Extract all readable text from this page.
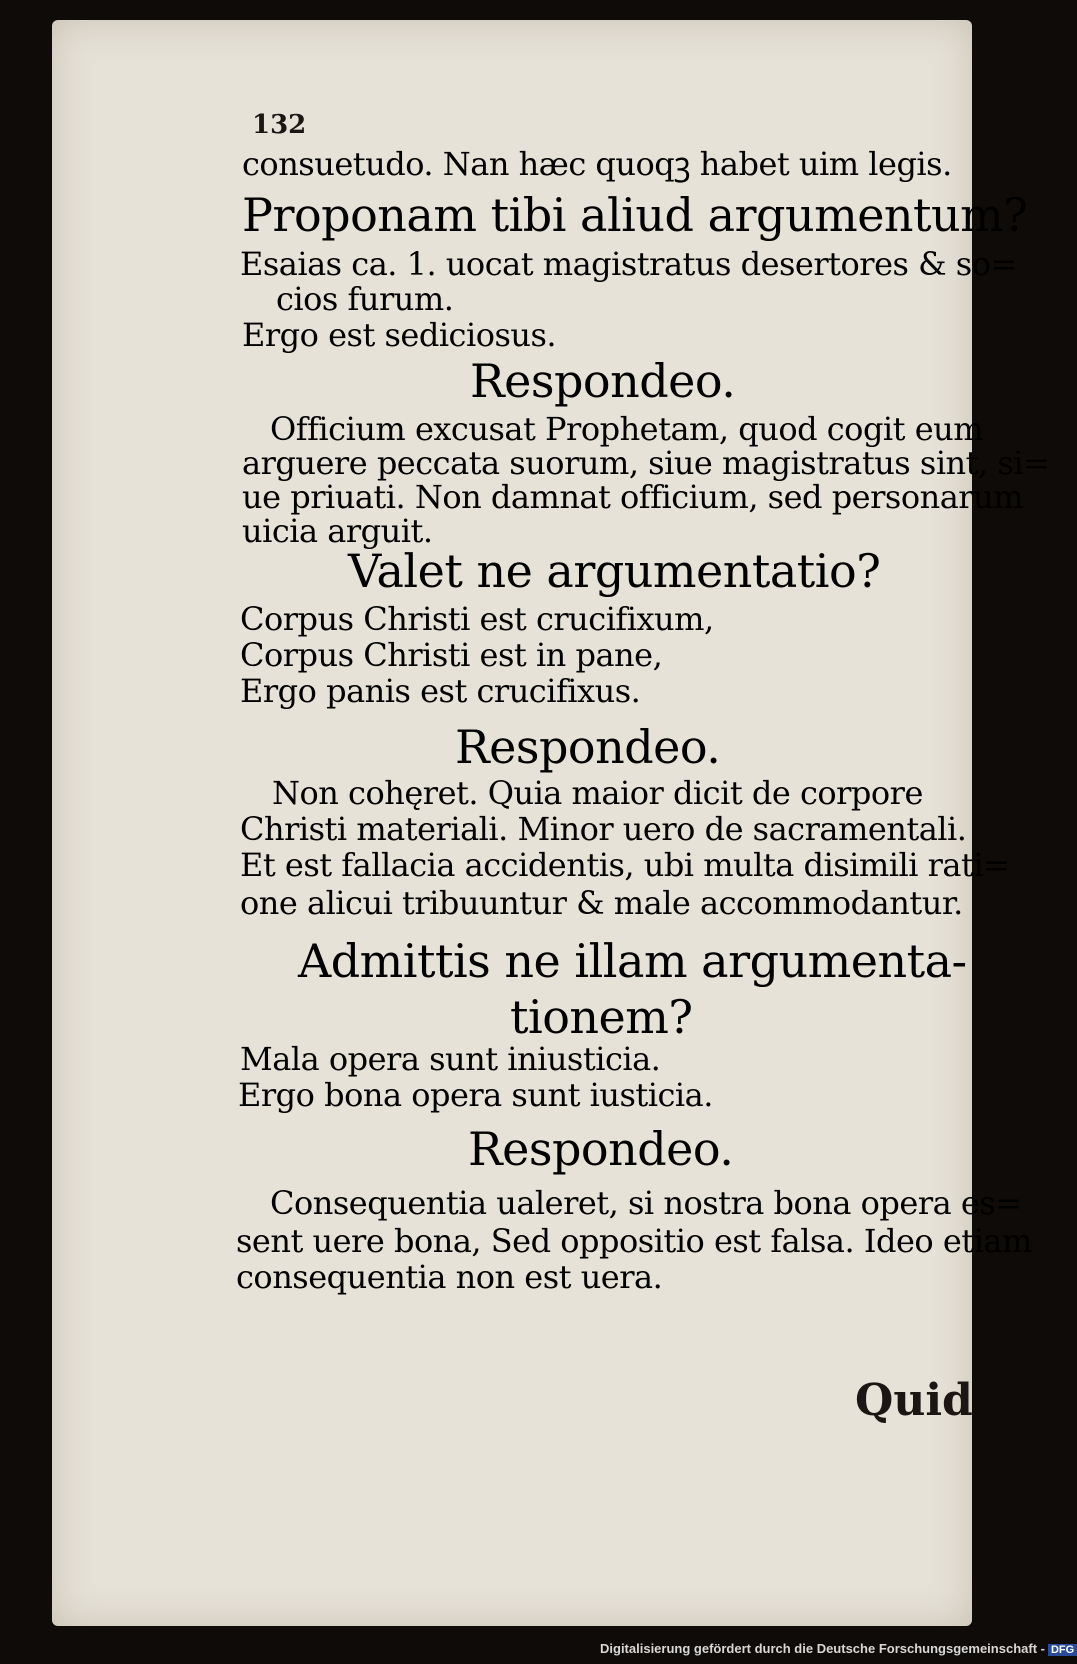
132
consuetudo. Nan hæc quoqꝫ habet uim legis.
Proponam tibi aliud argumentum?
Esaias ca. 1. uocat magistratus desertores & so=
cios furum.
Ergo est sediciosus.
Respondeo.
Officium excusat Prophetam, quod cogit eum
arguere peccata suorum, siue magistratus sint, si=
ue priuati. Non damnat officium, sed personarum
uicia arguit.
Valet ne argumentatio?
Corpus Christi est crucifixum,
Corpus Christi est in pane,
Ergo panis est crucifixus.
Respondeo.
Non cohęret. Quia maior dicit de corpore
Christi materiali. Minor uero de sacramentali.
Et est fallacia accidentis, ubi multa disimili rati=
one alicui tribuuntur & male accommodantur.
Admittis ne illam argumenta-
tionem?
Mala opera sunt iniusticia.
Ergo bona opera sunt iusticia.
Respondeo.
Consequentia ualeret, si nostra bona opera es=
sent uere bona, Sed oppositio est falsa. Ideo etiam
consequentia non est uera.
Quid
Digitalisierung gefördert durch die Deutsche Forschungsgemeinschaft - DFG
